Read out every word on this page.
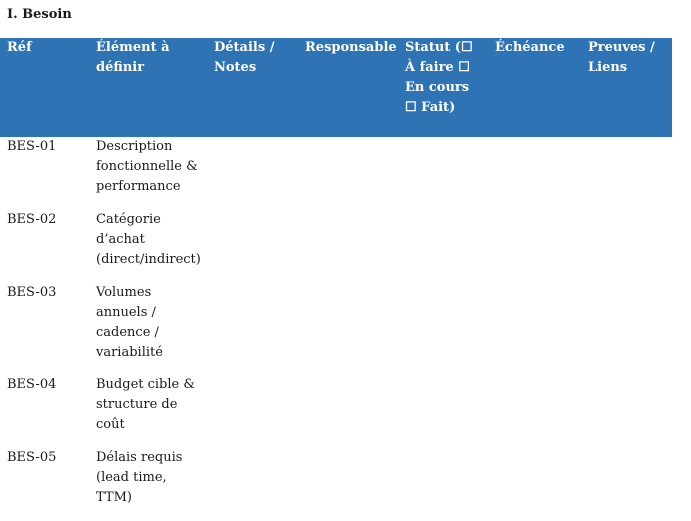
I. Besoin
Réf	Élément à définir	Détails / Notes	Responsable	Statut (☐ À faire ☐ En cours ☐ Fait)	Échéance	Preuves / Liens
BES-01	Description fonctionnelle & performance					
BES-02	Catégorie d’achat (direct/indirect)					
BES-03	Volumes annuels / cadence / variabilité					
BES-04	Budget cible & structure de coût					
BES-05	Délais requis (lead time, TTM)					
